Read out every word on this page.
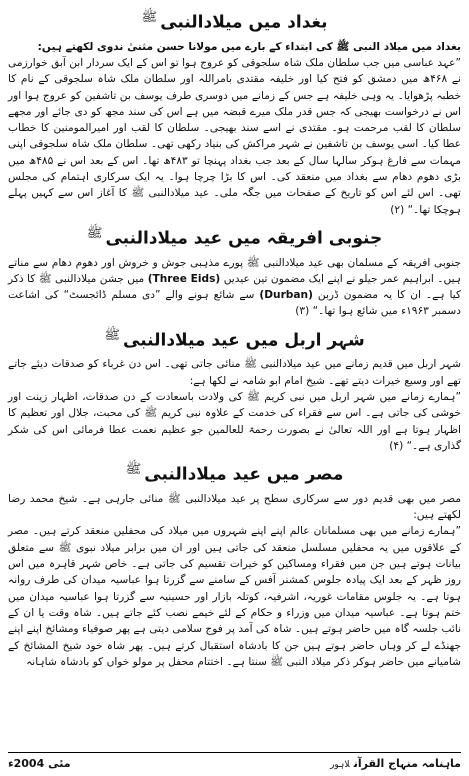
بغداد میں میلادالنبی$^ﷺ$

بغداد میں میلاد النبی ﷺ کی ابتداء کے بارے میں مولانا حسن مثنیٰ ندوی لکھتے ہیں:

”عہد عباسی میں جب سلطان ملک شاہ سلجوقی کو عروج ہوا تو اس کے ایک سردار ابن آبق خوارزمی نے ۴۶۸ھ میں دمشق کو فتح کیا اور خلیفہ مقتدی بامراللہ اور سلطان ملک شاہ سلجوقی کے نام کا خطبہ پڑھوایا۔ یہ وہی خلیفہ ہے جس کے زمانے میں دوسری طرف یوسف بن تاشفین کو عروج ہوا اور اس نے درخواست بھیجی کہ جس قدر ملک میرے قبضہ میں ہے اس کی سند مجھ کو دی جائے اور مجھے سلطان کا لقب مرحمت ہو۔ مقتدی نے اسے سند بھیجی۔ سلطان کا لقب اور امیرالمومنین کا خطاب عطا کیا۔ اسی یوسف بن تاشفین نے شہر مراکش کی بنیاد رکھی تھی۔ سلطان ملک شاہ سلجوقی اپنی مہمات سے فارغ ہوکر سالہا سال کے بعد جب بغداد پہنچا تو ۴۸۳ھ تھا۔ اس کے بعد اس نے ۴۸۵ھ میں بڑی دھوم دھام سے بغداد میں منعقد کی۔ اس کا بڑا چرچا ہوا۔ یہ ایک سرکاری اہتمام کی مجلس تھی۔ اس لئے اس کو تاریخ کے صفحات میں جگہ ملی۔ عید میلادالنبی ﷺ کا آغاز اس سے کہیں پہلے ہوچکا تھا۔“ (۲)

جنوبی افریقہ میں عید میلادالنبی$^ﷺ$

جنوبی افریقہ کے مسلمان بھی عید میلادالنبی ﷺ پورے مذہبی جوش و خروش اور دھوم دھام سے مناتے ہیں۔ ابراہیم عمر جیلو نے اپنے ایک مضمون تین عیدیں (Three Eids) میں جشن میلادالنبی ﷺ کا ذکر کیا ہے۔ ان کا یہ مضمون ڈربن (Durban) سے شائع ہونے والے ”دی مسلم ڈائجسٹ“ کی اشاعت دسمبر ۱۹۶۳ء میں شائع ہوا تھا۔“ (۳)

شہر اربل میں عید میلادالنبی$^ﷺ$

شہر اربل میں قدیم زمانے میں عید میلادالنبی ﷺ منائی جاتی تھی۔ اس دن غرباء کو صدقات دیئے جاتے تھے اور وسیع خیرات دیتے تھے۔ شیخ امام ابو شامہ نے لکھا ہے:

”ہمارے زمانے میں شہر اربل میں نبی کریم ﷺ کی ولادت باسعادت کے دن صدقات، اظہار زینت اور خوشی کی جاتی ہے۔ اس سے فقراء کی خدمت کے علاوہ نبی کریم ﷺ کی محبت، جلال اور تعظیم کا اظہار ہوتا ہے اور اللہ تعالیٰ نے بصورت رحمۃ للعالمین جو عظیم نعمت عطا فرمائی اس کی شکر گذاری ہے۔“ (۴)

مصر میں عید میلادالنبی$^ﷺ$

مصر میں بھی قدیم دور سے سرکاری سطح پر عید میلادالنبی ﷺ منائی جارہی ہے۔ شیخ محمد رضا لکھتے ہیں:

”ہمارے زمانے میں بھی مسلمانان عالم اپنے اپنے شہروں میں میلاد کی محفلیں منعقد کرتے ہیں۔ مصر کے علاقوں میں یہ محفلیں مسلسل منعقد کی جاتی ہیں اور ان میں برابر میلاد نبوی ﷺ سے متعلق بیانات ہوتے ہیں جن میں فقراء ومساکین کو خیرات تقسیم کی جاتی ہے۔ خاص شہر قاہرہ میں اس روز ظہر کے بعد ایک پیادہ جلوس کمشنر آفس کے سامنے سے گزرتا ہوا عباسیہ میدان کی طرف روانہ ہوتا ہے۔ یہ جلوس مقامات غوریہ، اشرفیہ، کوتلہ بازار اور حسینیہ سے گزرتا ہوا عباسیہ میدان میں ختم ہوتا ہے۔ عباسیہ میدان میں وزراء و حکام کے لئے خیمے نصب کئے جاتے ہیں۔ شاہ وقت یا ان کے نائب جلسہ گاہ میں حاضر ہوتے ہیں۔ شاہ کی آمد پر فوج سلامی دیتی ہے پھر صوفیاء ومشائخ اپنے اپنے جھنڈے لے کر وہاں حاضر ہوتے ہیں جن کا بادشاہ استقبال کرتے ہیں۔ پھر شاہ خود شیخ المشائخ کے شامیانے میں حاضر ہوکر ذکر میلاد النبی ﷺ سنتا ہے۔ اختتام محفل پر مولو خواں کو بادشاہ شاہانہ

ماہنامہ منہاج القرآنلاہور
مئی 2004ء
